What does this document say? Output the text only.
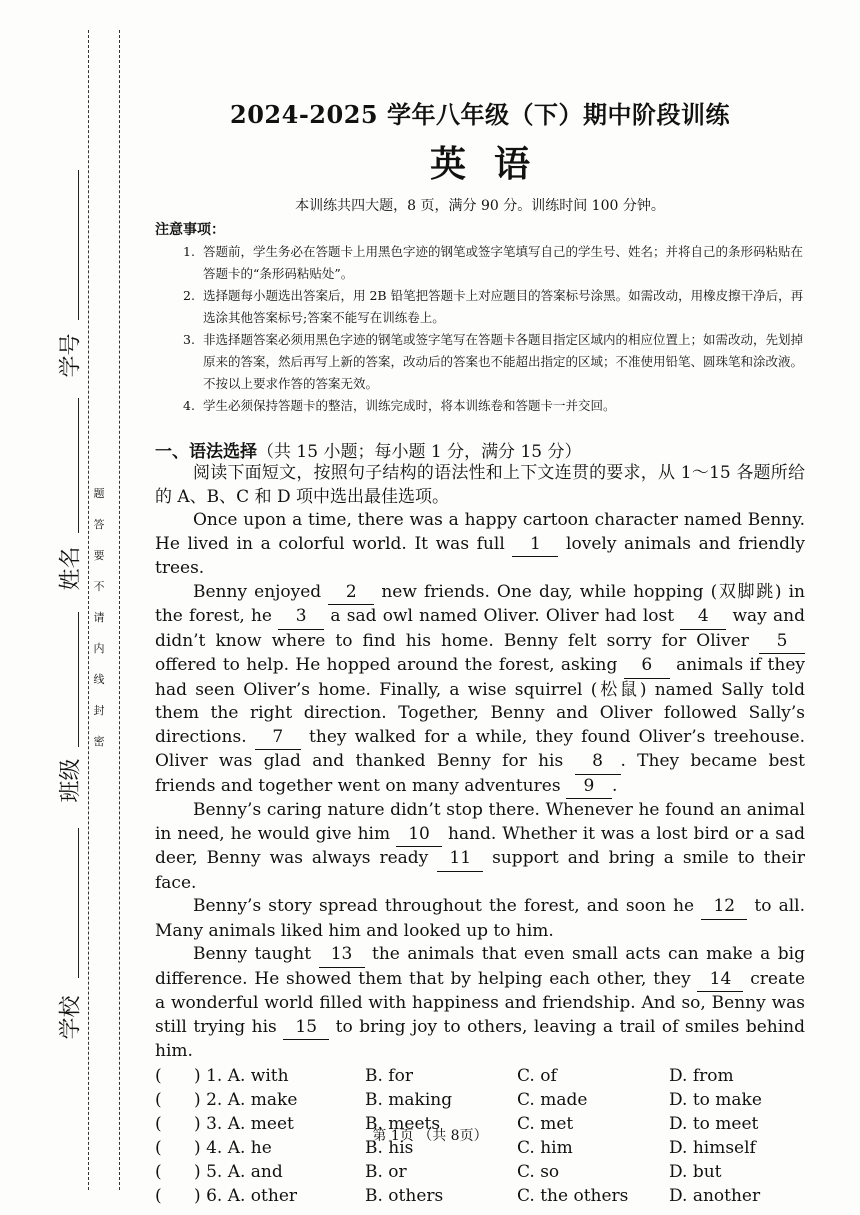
学号
姓名
班级
学校
题
答
要
不
请
内
线
封
密
2024-2025 学年八年级（下）期中阶段训练
英语
本训练共四大题，8 页，满分 90 分。训练时间 100 分钟。
注意事项：
1. 答题前，学生务必在答题卡上用黑色字迹的钢笔或签字笔填写自己的学生号、姓名；并将自己的条形码粘贴在答题卡的“条形码粘贴处”。
2. 选择题每小题选出答案后，用 2B 铅笔把答题卡上对应题目的答案标号涂黑。如需改动，用橡皮擦干净后，再选涂其他答案标号;答案不能写在训练卷上。
3. 非选择题答案必须用黑色字迹的钢笔或签字笔写在答题卡各题目指定区域内的相应位置上；如需改动，先划掉原来的答案，然后再写上新的答案，改动后的答案也不能超出指定的区域；不准使用铅笔、圆珠笔和涂改液。不按以上要求作答的答案无效。
4. 学生必须保持答题卡的整洁，训练完成时，将本训练卷和答题卡一并交回。
一、语法选择（共 15 小题；每小题 1 分，满分 15 分）

阅读下面短文，按照句子结构的语法性和上下文连贯的要求，从 1～15 各题所给的 A、B、C 和 D 项中选出最佳选项。

Once upon a time, there was a happy cartoon character named Benny. He lived in a colorful world. It was full 1 lovely animals and friendly trees.

Benny enjoyed 2 new friends. One day, while hopping (双脚跳) in the forest, he 3 a sad owl named Oliver. Oliver had lost 4 way and didn’t know where to find his home. Benny felt sorry for Oliver 5 offered to help. He hopped around the forest, asking 6 animals if they had seen Oliver’s home. Finally, a wise squirrel (松鼠) named Sally told them the right direction. Together, Benny and Oliver followed Sally’s directions. 7 they walked for a while, they found Oliver’s treehouse. Oliver was glad and thanked Benny for his 8 . They became best friends and together went on many adventures 9 .

Benny’s caring nature didn’t stop there. Whenever he found an animal in need, he would give him 10 hand. Whether it was a lost bird or a sad deer, Benny was always ready 11 support and bring a smile to their face.

Benny’s story spread throughout the forest, and soon he 12 to all. Many animals liked him and looked up to him.

Benny taught 13 the animals that even small acts can make a big difference. He showed them that by helping each other, they 14 create a wonderful world filled with happiness and friendship. And so, Benny was still trying his 15 to bring joy to others, leaving a trail of smiles behind him.

(      ) 1. A. with	B. for	C. of	D. from
(      ) 2. A. make	B. making	C. made	D. to make
(      ) 3. A. meet	B. meets	C. met	D. to meet
(      ) 4. A. he	B. his	C. him	D. himself
(      ) 5. A. and	B. or	C. so	D. but
(      ) 6. A. other	B. others	C. the others	D. another
第 1页 （共 8页）
